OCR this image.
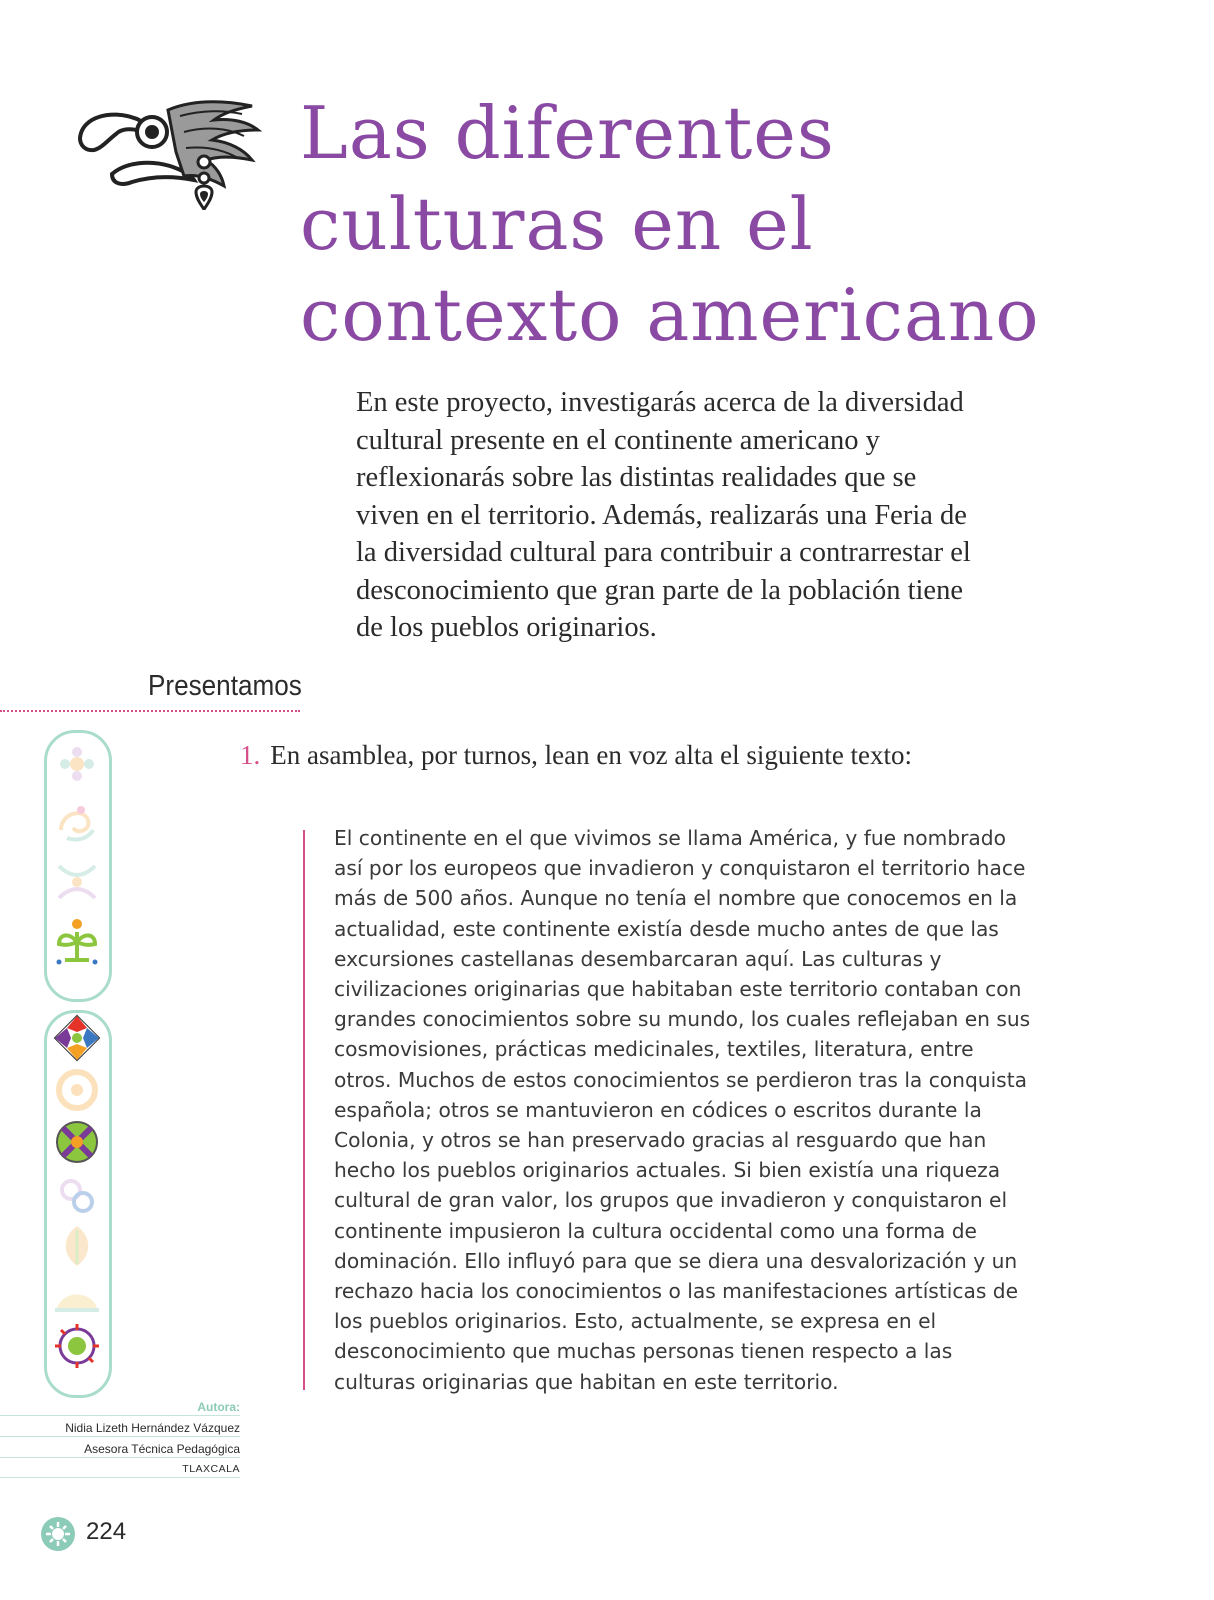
Las diferentes
culturas en el
contexto americano

En este proyecto, investigarás acerca de la diversidad cultural presente en el continente americano y reflexionarás sobre las distintas realidades que se viven en el territorio. Además, realizarás una Feria de la diversidad cultural para contribuir a contrarrestar el desconocimiento que gran parte de la población tiene de los pueblos originarios.

Presentamos
1. En asamblea, por turnos, lean en voz alta el siguiente texto:

El continente en el que vivimos se llama América, y fue nombrado así por los europeos que invadieron y conquistaron el territorio hace más de 500 años. Aunque no tenía el nombre que conocemos en la actualidad, este continente existía desde mucho antes de que las excursiones castellanas desembarcaran aquí. Las culturas y civilizaciones originarias que habitaban este territorio contaban con grandes conocimientos sobre su mundo, los cuales reflejaban en sus cosmovisiones, prácticas medicinales, textiles, literatura, entre otros. Muchos de estos conocimientos se perdieron tras la conquista española; otros se mantuvieron en códices o escritos durante la Colonia, y otros se han preservado gracias al resguardo que han hecho los pueblos originarios actuales. Si bien existía una riqueza cultural de gran valor, los grupos que invadieron y conquistaron el continente impusieron la cultura occidental como una forma de dominación. Ello influyó para que se diera una desvalorización y un rechazo hacia los conocimientos o las manifestaciones artísticas de los pueblos originarios. Esto, actualmente, se expresa en el desconocimiento que muchas personas tienen respecto a las culturas originarias que habitan en este territorio.

Autora:
Nidia Lizeth Hernández Vázquez
Asesora Técnica Pedagógica
TLAXCALA
224
